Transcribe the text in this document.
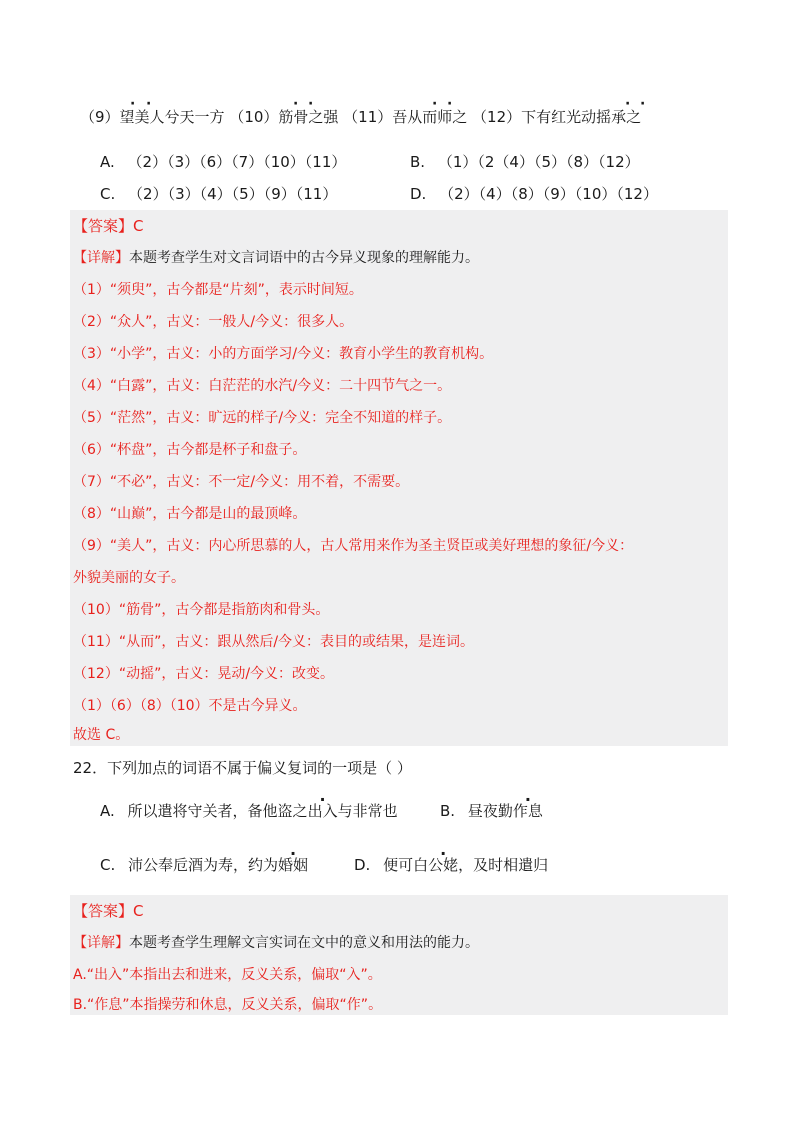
（9）望美人兮天一方 （10）筋骨之强 （11）吾从而师之 （12）下有红光动摇承之
· ·	· ·	· ·	· ·
A. （2）（3）（6）（7）（10）（11）	B. （1）（2（4）（5）（8）（12）
C. （2）（3）（4）（5）（9）（11）	D. （2）（4）（8）（9）（10）（12）
【答案】C
【详解】本题考查学生对文言词语中的古今异义现象的理解能力。
（1）“须臾”，古今都是“片刻”，表示时间短。
（2）“众人”，古义：一般人/今义：很多人。
（3）“小学”，古义：小的方面学习/今义：教育小学生的教育机构。
（4）“白露”，古义：白茫茫的水汽/今义：二十四节气之一。
（5）“茫然”，古义：旷远的样子/今义：完全不知道的样子。
（6）“杯盘”，古今都是杯子和盘子。
（7）“不必”，古义：不一定/今义：用不着，不需要。
（8）“山巅”，古今都是山的最顶峰。
（9）“美人”，古义：内心所思慕的人，古人常用来作为圣主贤臣或美好理想的象征/今义：
外貌美丽的女子。
（10）“筋骨”，古今都是指筋肉和骨头。
（11）“从而”，古义：跟从然后/今义：表目的或结果，是连词。
（12）“动摇”，古义：晃动/今义：改变。
（1）（6）（8）（10）不是古今异义。
故选 C。
22．下列加点的词语不属于偏义复词的一项是（ ）
A. 所以遣将守关者，备他盗之出入与非常也	B. 昼夜勤作息
C. 沛公奉卮酒为寿，约为婚姻	D. 便可白公姥，及时相遣归
【答案】C
【详解】本题考查学生理解文言实词在文中的意义和用法的能力。
A.“出入”本指出去和进来，反义关系，偏取“入”。
B.“作息”本指操劳和休息，反义关系，偏取“作”。
